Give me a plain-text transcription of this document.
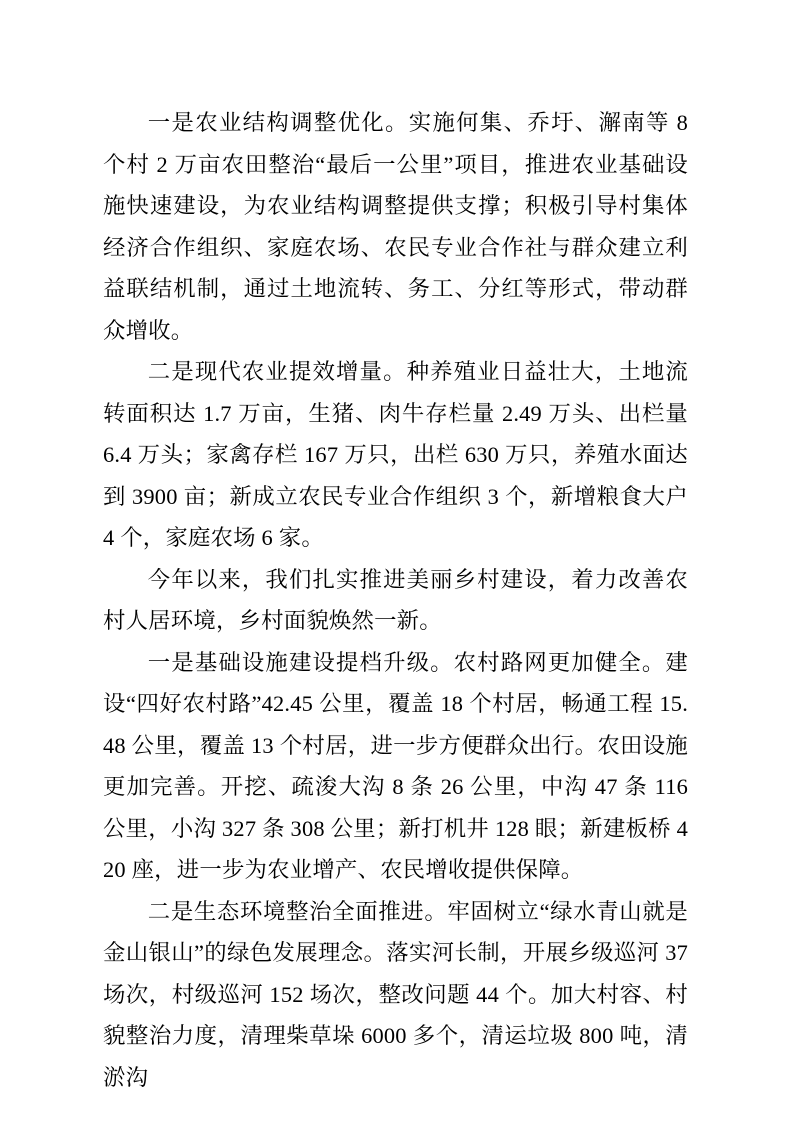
一是农业结构调整优化。实施何集、乔圩、澥南等 8 个村 2 万亩农田整治“最后一公里”项目，推进农业基础设施快速建设，为农业结构调整提供支撑；积极引导村集体经济合作组织、家庭农场、农民专业合作社与群众建立利益联结机制，通过土地流转、务工、分红等形式，带动群众增收。

二是现代农业提效增量。种养殖业日益壮大，土地流转面积达 1.7 万亩，生猪、肉牛存栏量 2.49 万头、出栏量 6.4 万头；家禽存栏 167 万只，出栏 630 万只，养殖水面达到 3900 亩；新成立农民专业合作组织 3 个，新增粮食大户 4 个，家庭农场 6 家。

今年以来，我们扎实推进美丽乡村建设，着力改善农村人居环境，乡村面貌焕然一新。

一是基础设施建设提档升级。农村路网更加健全。建设“四好农村路”42.45 公里，覆盖 18 个村居，畅通工程 15.48 公里，覆盖 13 个村居，进一步方便群众出行。农田设施更加完善。开挖、疏浚大沟 8 条 26 公里，中沟 47 条 116 公里，小沟 327 条 308 公里；新打机井 128 眼；新建板桥 420 座，进一步为农业增产、农民增收提供保障。

二是生态环境整治全面推进。牢固树立“绿水青山就是金山银山”的绿色发展理念。落实河长制，开展乡级巡河 37 场次，村级巡河 152 场次，整改问题 44 个。加大村容、村貌整治力度，清理柴草垛 6000 多个，清运垃圾 800 吨，清淤沟
